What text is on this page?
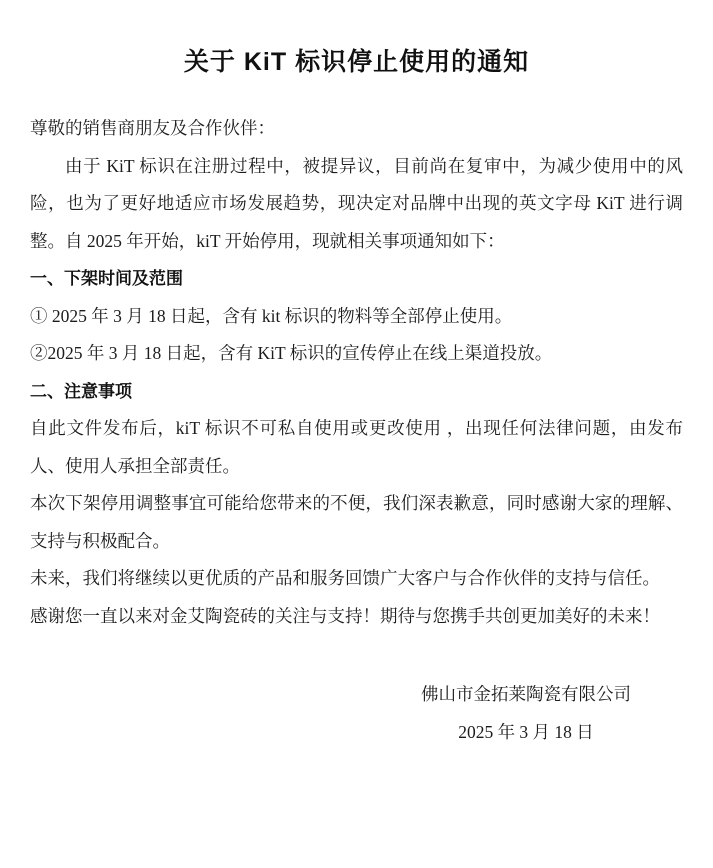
关于 KiT 标识停止使用的通知
尊敬的销售商朋友及合作伙伴：
由于 KiT 标识在注册过程中，被提异议，目前尚在复审中，为减少使用中的风险，也为了更好地适应市场发展趋势，现决定对品牌中出现的英文字母 KiT 进行调整。自 2025 年开始，kiT 开始停用，现就相关事项通知如下：
一、下架时间及范围
① 2025 年 3 月 18 日起，含有 kit 标识的物料等全部停止使用。
②2025 年 3 月 18 日起，含有 KiT 标识的宣传停止在线上渠道投放。
二、注意事项
自此文件发布后，kiT 标识不可私自使用或更改使用 ，出现任何法律问题，由发布人、使用人承担全部责任。
本次下架停用调整事宜可能给您带来的不便，我们深表歉意，同时感谢大家的理解、支持与积极配合。
未来，我们将继续以更优质的产品和服务回馈广大客户与合作伙伴的支持与信任。
感谢您一直以来对金艾陶瓷砖的关注与支持！期待与您携手共创更加美好的未来！
佛山市金拓莱陶瓷有限公司
2025 年 3 月 18 日
